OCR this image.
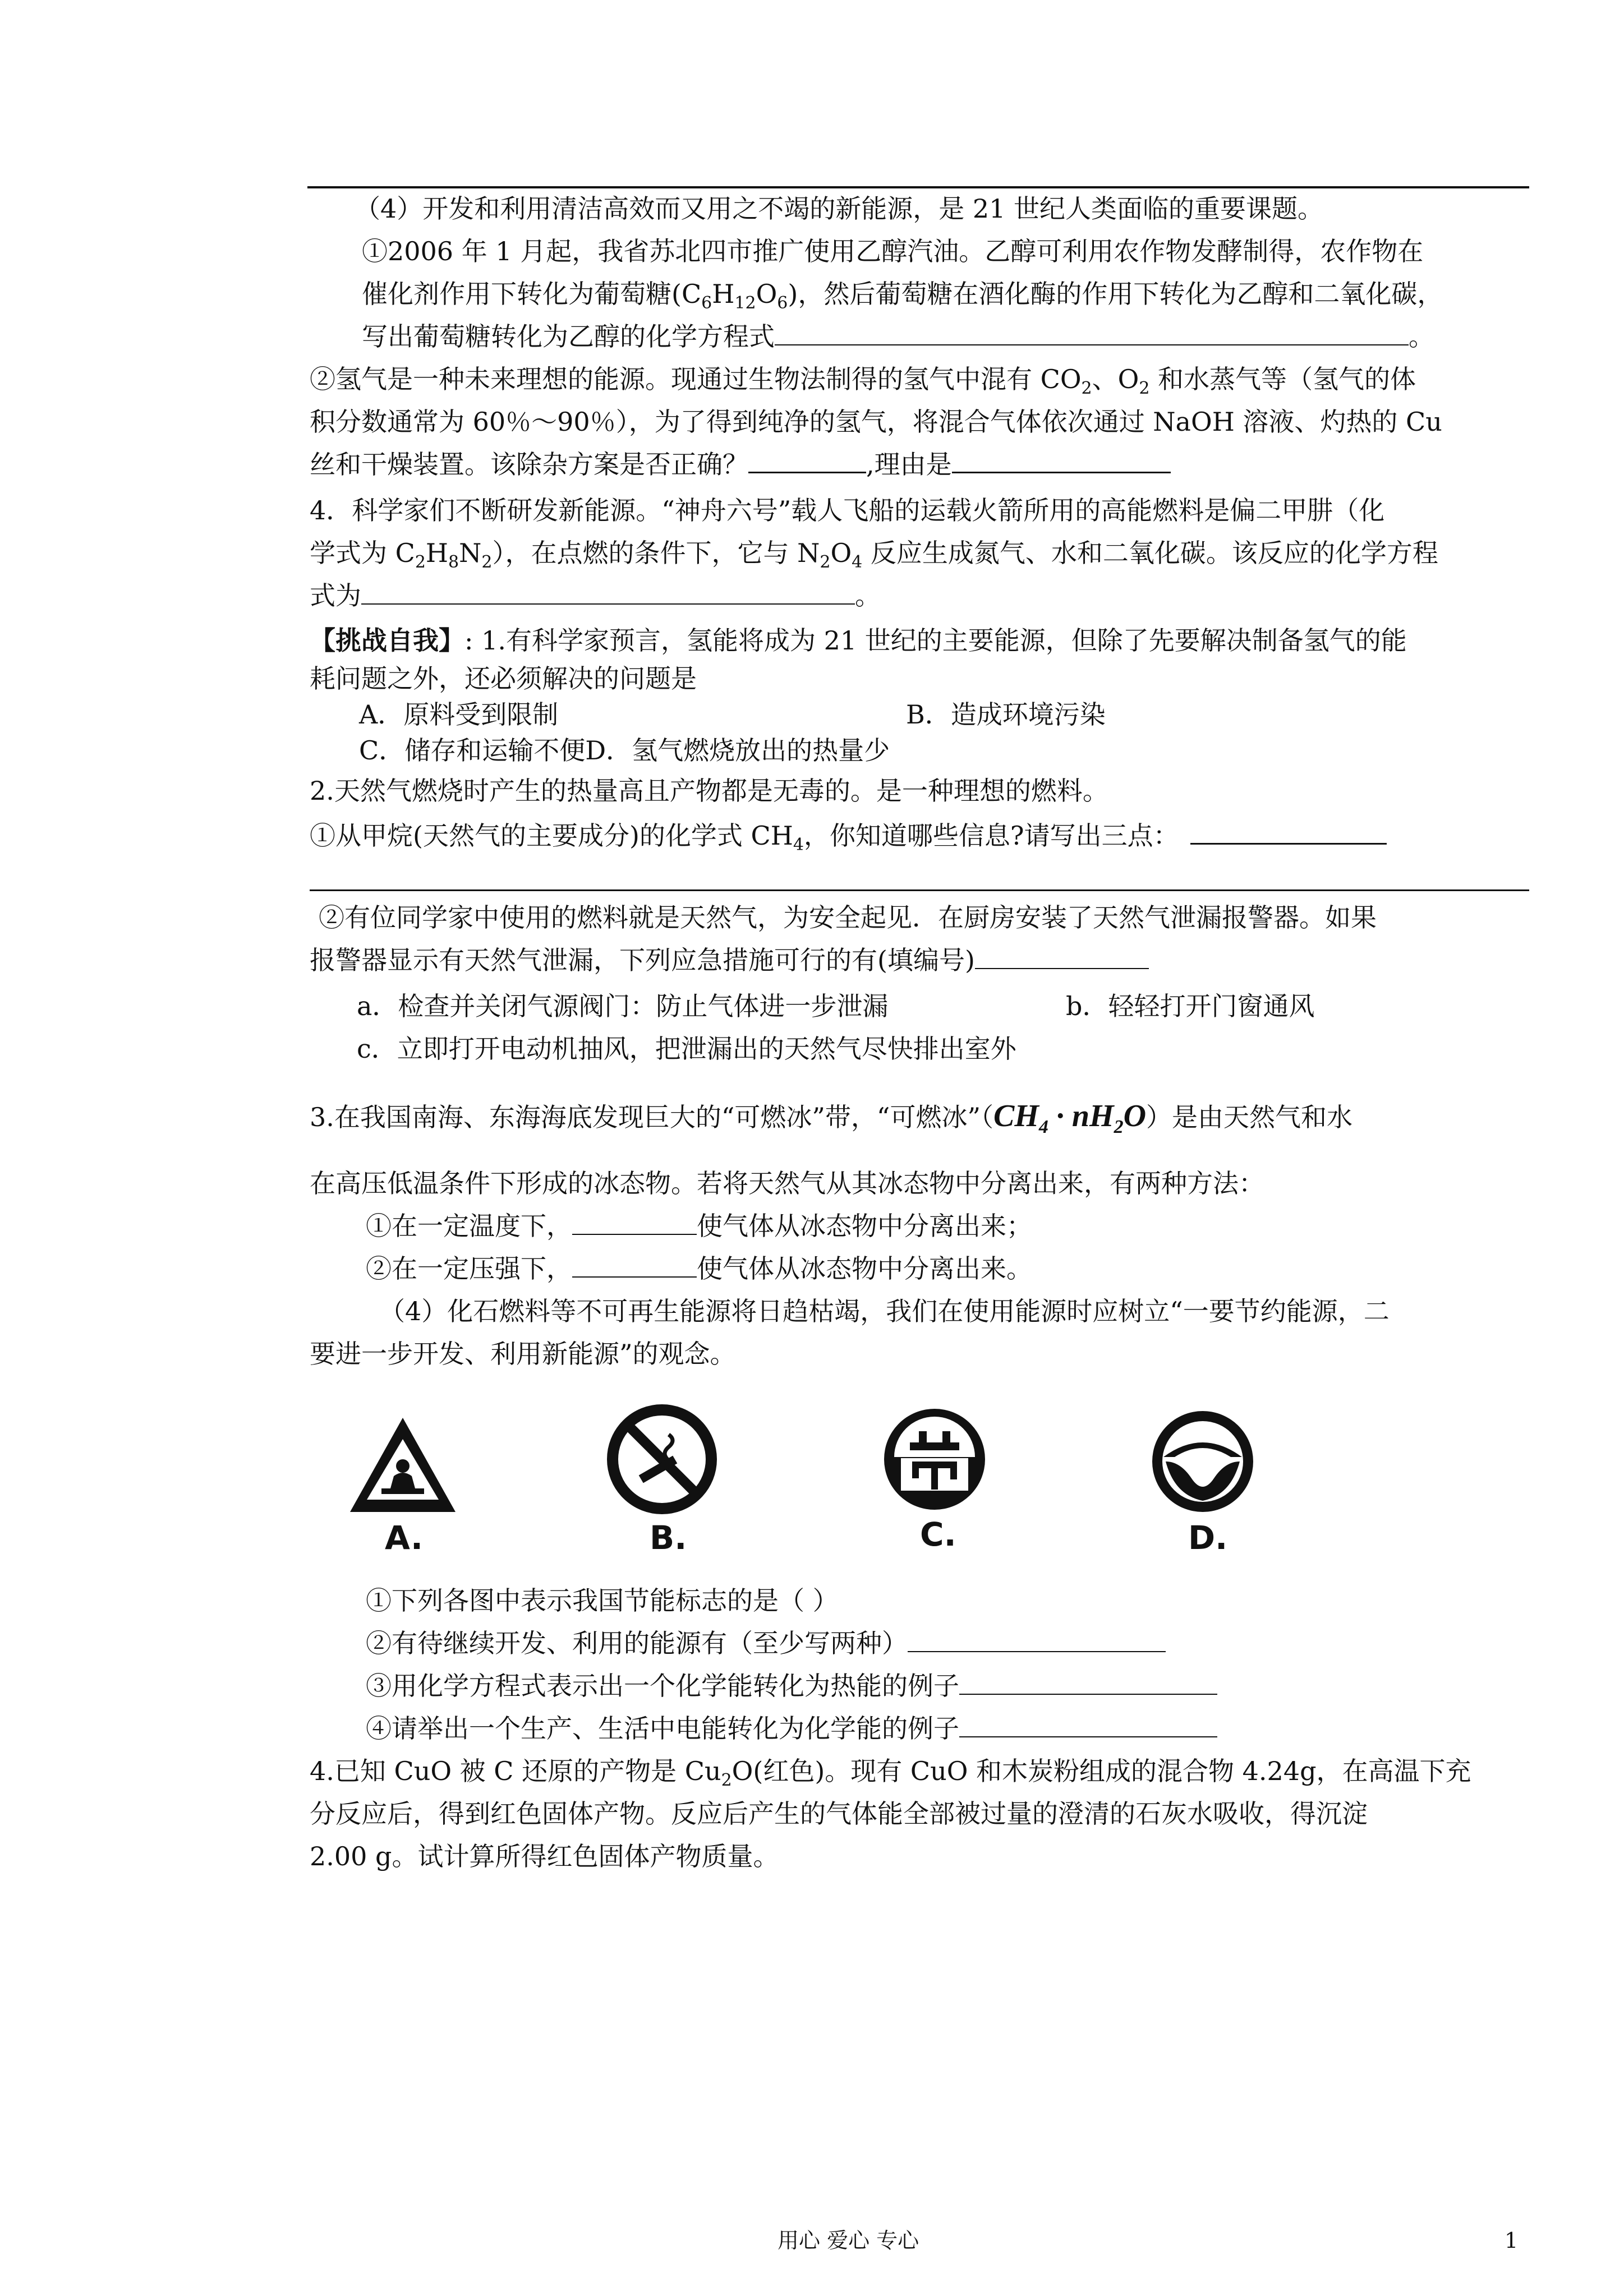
（4）开发和利用清洁高效而又用之不竭的新能源，是 21 世纪人类面临的重要课题。
①2006 年 1 月起，我省苏北四市推广使用乙醇汽油。乙醇可利用农作物发酵制得，农作物在
催化剂作用下转化为葡萄糖$(C_6H_{12}O_6)$，然后葡萄糖在酒化酶的作用下转化为乙醇和二氧化碳，
写出葡萄糖转化为乙醇的化学方程式	。
②氢气是一种未来理想的能源。现通过生物法制得的氢气中混有 $CO_2$、$O_2$ 和水蒸气等（氢气的体
积分数通常为 60％～90％），为了得到纯净的氢气，将混合气体依次通过 NaOH 溶液、灼热的 Cu
丝和干燥装置。该除杂方案是否正确？	,理由是
4．科学家们不断研发新能源。“神舟六号”载人飞船的运载火箭所用的高能燃料是偏二甲肼（化
学式为 $C_2H_8N_2$），在点燃的条件下，它与 $N_2O_4$ 反应生成氮气、水和二氧化碳。该反应的化学方程
式为	。
【挑战自我】: 1.有科学家预言，氢能将成为 21 世纪的主要能源，但除了先要解决制备氢气的能
耗问题之外，还必须解决的问题是
A．原料受到限制	B．造成环境污染
C．储存和运输不便D．氢气燃烧放出的热量少
2.天然气燃烧时产生的热量高且产物都是无毒的。是一种理想的燃料。
①从甲烷(天然气的主要成分)的化学式 $CH_4$，你知道哪些信息?请写出三点：
②有位同学家中使用的燃料就是天然气，为安全起见．在厨房安装了天然气泄漏报警器。如果
报警器显示有天然气泄漏，下列应急措施可行的有(填编号)
a．检查并关闭气源阀门：防止气体进一步泄漏	b．轻轻打开门窗通风
c．立即打开电动机抽风，把泄漏出的天然气尽快排出室外
3.在我国南海、东海海底发现巨大的“可燃冰”带，“可燃冰$”(CH_4 \cdot nH_2O)$是由天然气和水
在高压低温条件下形成的冰态物。若将天然气从其冰态物中分离出来，有两种方法：
①在一定温度下，	使气体从冰态物中分离出来；
②在一定压强下，	使气体从冰态物中分离出来。
（4）化石燃料等不可再生能源将日趋枯竭，我们在使用能源时应树立“一要节约能源，二
要进一步开发、利用新能源”的观念。
A.	B.	C.	D.
①下列各图中表示我国节能标志的是（ ）
②有待继续开发、利用的能源有（至少写两种）
③用化学方程式表示出一个化学能转化为热能的例子
④请举出一个生产、生活中电能转化为化学能的例子
4.已知 CuO 被 C 还原的产物是 $Cu_2O$(红色)。现有 CuO 和木炭粉组成的混合物 4.24g，在高温下充
分反应后，得到红色固体产物。反应后产生的气体能全部被过量的澄清的石灰水吸收，得沉淀
2.00 g。试计算所得红色固体产物质量。
用心 爱心 专心	1
